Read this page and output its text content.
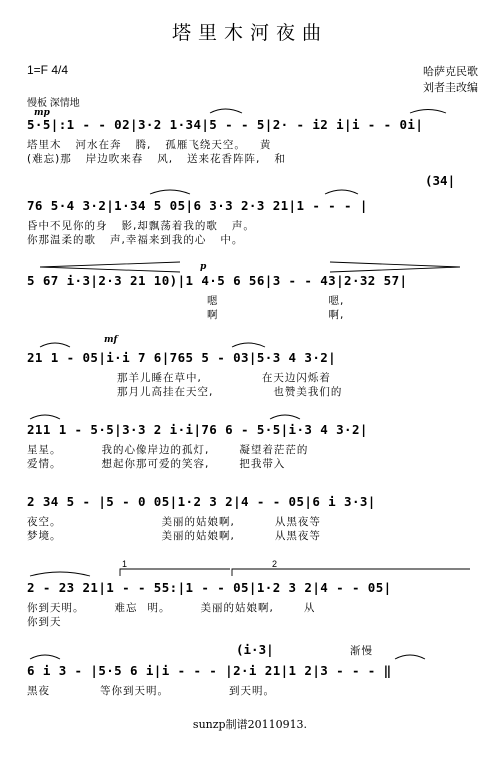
塔里木河夜曲
1=F 4/4	哈萨克民歌
刘者圭改编
慢板 深情地
mp
mf
5·5|:1 - - 02|3·2 1·34|5 - - 5|2· - i2 i|i - - 0i|
塔里木 河水在奔 腾, 孤雁飞绕天空。 黄
(难忘)那 岸边吹来春 风, 送来花香阵阵, 和
(34|
76 5·4 3·2|1·34 5 05|6 3·3 2·3 21|1 - - - |
昏中不见你的身 影,却飘荡着我的歌 声。
你那温柔的歌 声,幸福来到我的心 中。
p
5 67 i·3|2·3 21 10)|1 4·5 6 56|3 - - 43|2·32 57|
嗯	嗯,
啊	啊,
21 1 - 05|i·i 7 6|765 5 - 03|5·3 4 3·2|
那羊儿睡在草中,	在天边闪烁着
那月儿高挂在天空,	也赞美我们的
211 1 - 5·5|3·3 2 i·i|76 6 - 5·5|i·3 4 3·2|
星星。	我的心像岸边的孤灯,	凝望着茫茫的
爱情。	想起你那可爱的笑容,	把我带入
2 34 5 - |5 - 0 05|1·2 3 2|4 - - 05|6 i 3·3|
夜空。	美丽的姑娘啊,	从黑夜等
梦境。	美丽的姑娘啊,	从黑夜等
2 - 23 21|1 - - 55:|1 - - 05|1·2 3 2|4 - - 05|
你到天明。	难忘 明。	美丽的姑娘啊,	从
你到天
(i·3|	渐慢
6 i 3 - |5·5 6 i|i - - - |2·i 21|1 2|3 - - - ‖
黑夜	等你到天明。	到天明。
sunzp制谱20110913.
1	2
